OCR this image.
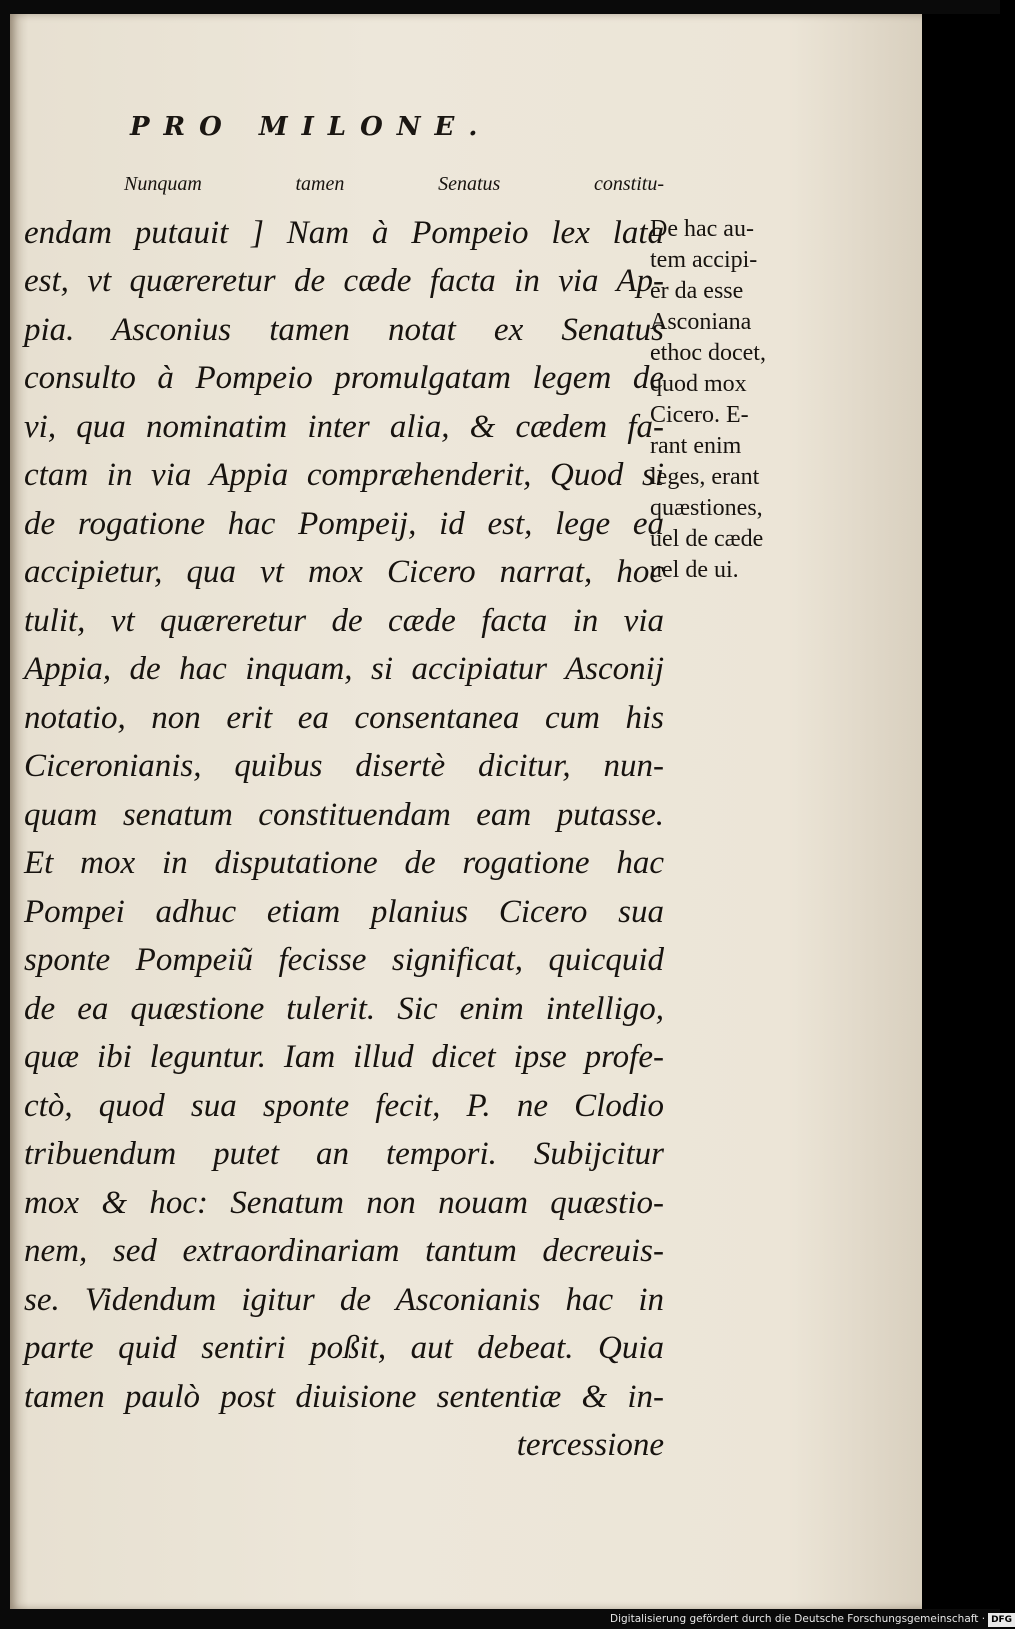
PRO MILONE.
Nunquam tamen Senatus constitu-
endam putauit ] Nam à Pompeio lex lata
est, vt quæreretur de cæde facta in via Ap-
pia. Asconius tamen notat ex Senatus
consulto à Pompeio promulgatam legem de
vi, qua nominatim inter alia, & cædem fa-
ctam in via Appia compræhenderit, Quod si
de rogatione hac Pompeij, id est, lege ea
accipietur, qua vt mox Cicero narrat, hoc
tulit, vt quæreretur de cæde facta in via
Appia, de hac inquam, si accipiatur Asconij
notatio, non erit ea consentanea cum his
Ciceronianis, quibus disertè dicitur, nun-
quam senatum constituendam eam putasse.
Et mox in disputatione de rogatione hac
Pompei adhuc etiam planius Cicero sua
sponte Pompeiũ fecisse significat, quicquid
de ea quæstione tulerit. Sic enim intelligo,
quæ ibi leguntur. Iam illud dicet ipse profe-
ctò, quod sua sponte fecit, P. ne Clodio
tribuendum putet an tempori. Subijcitur
mox & hoc: Senatum non nouam quæstio-
nem, sed extraordinariam tantum decreuis-
se. Videndum igitur de Asconianis hac in
parte quid sentiri poßit, aut debeat. Quia
tamen paulò post diuisione sententiæ & in-
tercessione
De hac au-
tem accipi-
er da esse
Asconiana
ethoc docet,
quod mox
Cicero. E-
rant enim
leges, erant
quæstiones,
uel de cæde
uel de ui.
Digitalisierung gefördert durch die Deutsche Forschungsgemeinschaft · DFG
